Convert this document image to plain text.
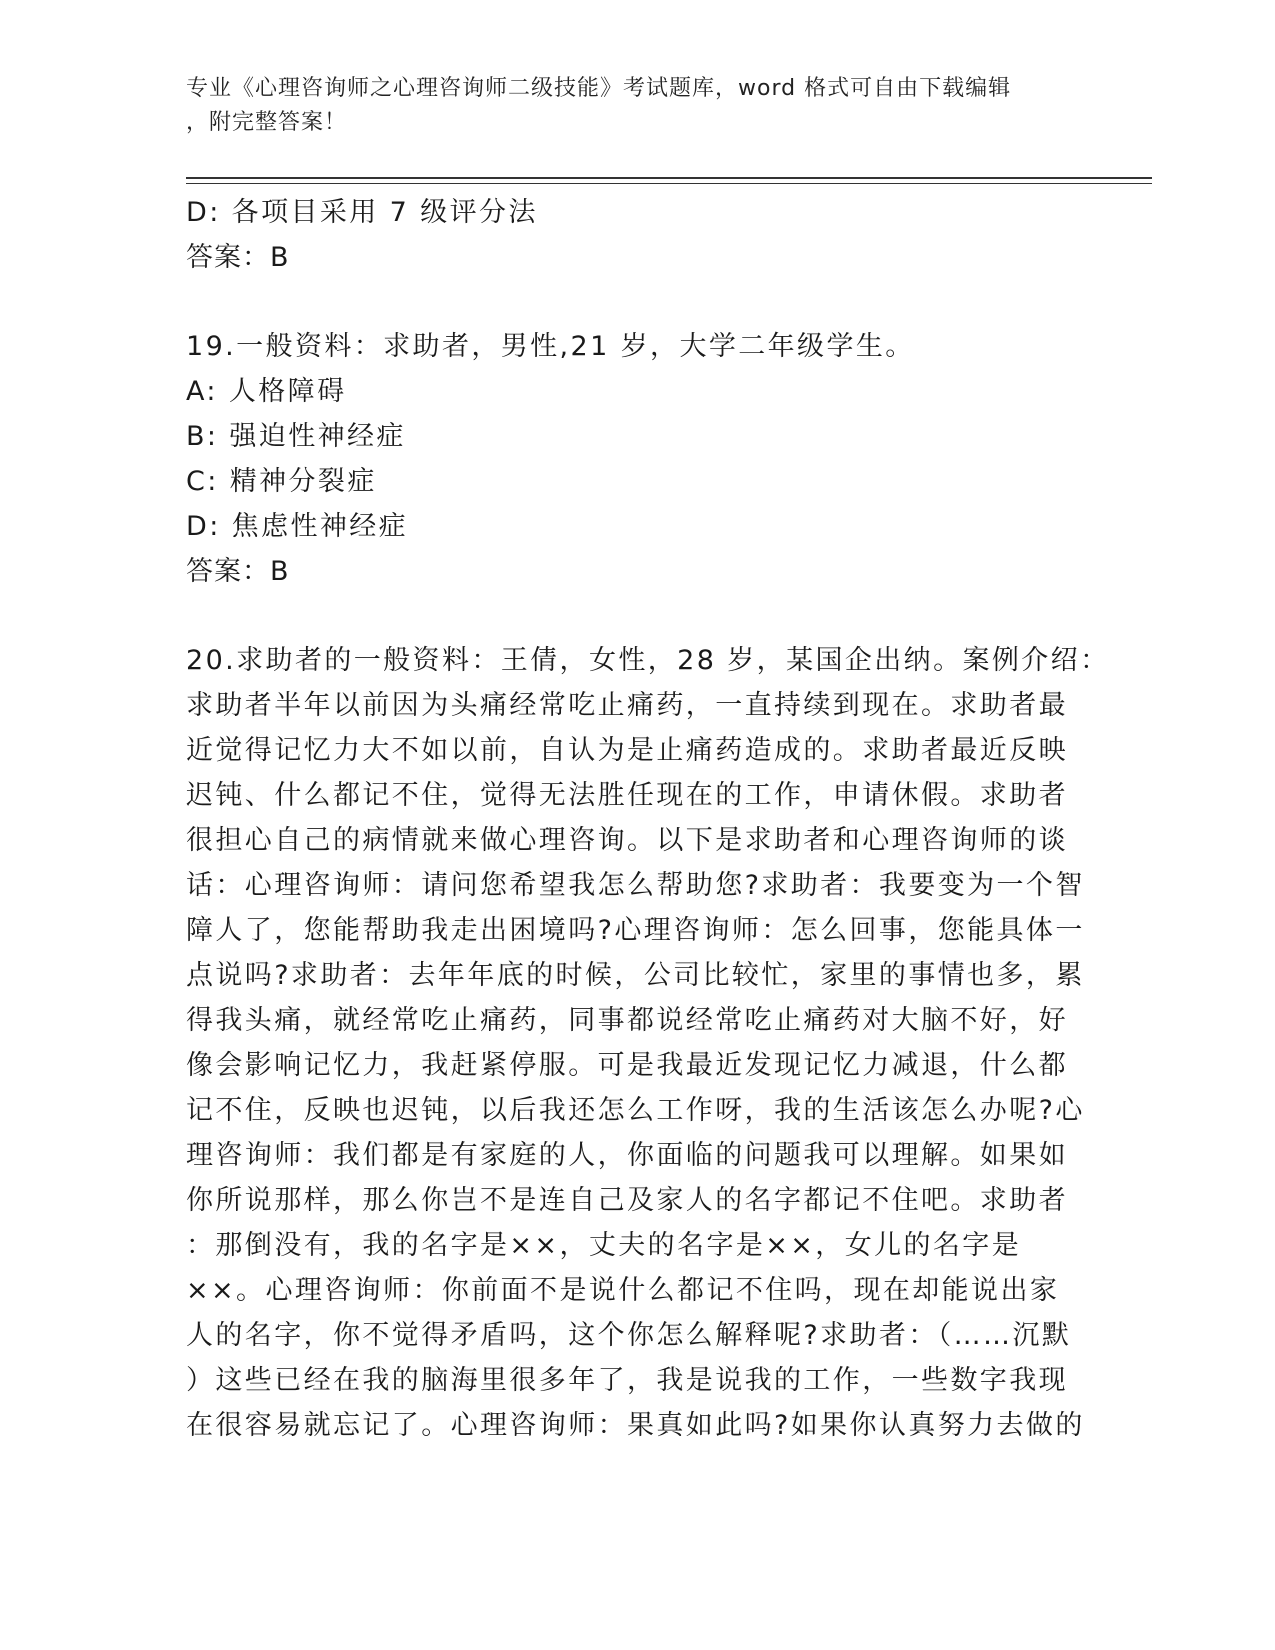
专业《心理咨询师之心理咨询师二级技能》考试题库，word 格式可自由下载编辑
，附完整答案！
D: 各项目采用 7 级评分法
答案：B
19.一般资料：求助者，男性,21 岁，大学二年级学生。
A: 人格障碍
B: 强迫性神经症
C: 精神分裂症
D: 焦虑性神经症
答案：B
20.求助者的一般资料：王倩，女性，28 岁，某国企出纳。案例介绍：
求助者半年以前因为头痛经常吃止痛药，一直持续到现在。求助者最
近觉得记忆力大不如以前，自认为是止痛药造成的。求助者最近反映
迟钝、什么都记不住，觉得无法胜任现在的工作，申请休假。求助者
很担心自己的病情就来做心理咨询。以下是求助者和心理咨询师的谈
话：心理咨询师：请问您希望我怎么帮助您?求助者：我要变为一个智
障人了，您能帮助我走出困境吗?心理咨询师：怎么回事，您能具体一
点说吗?求助者：去年年底的时候，公司比较忙，家里的事情也多，累
得我头痛，就经常吃止痛药，同事都说经常吃止痛药对大脑不好，好
像会影响记忆力，我赶紧停服。可是我最近发现记忆力减退，什么都
记不住，反映也迟钝，以后我还怎么工作呀，我的生活该怎么办呢?心
理咨询师：我们都是有家庭的人，你面临的问题我可以理解。如果如
你所说那样，那么你岂不是连自己及家人的名字都记不住吧。求助者
：那倒没有，我的名字是××，丈夫的名字是××，女儿的名字是
××。心理咨询师：你前面不是说什么都记不住吗，现在却能说出家
人的名字，你不觉得矛盾吗，这个你怎么解释呢?求助者：（……沉默
）这些已经在我的脑海里很多年了，我是说我的工作，一些数字我现
在很容易就忘记了。心理咨询师：果真如此吗?如果你认真努力去做的
